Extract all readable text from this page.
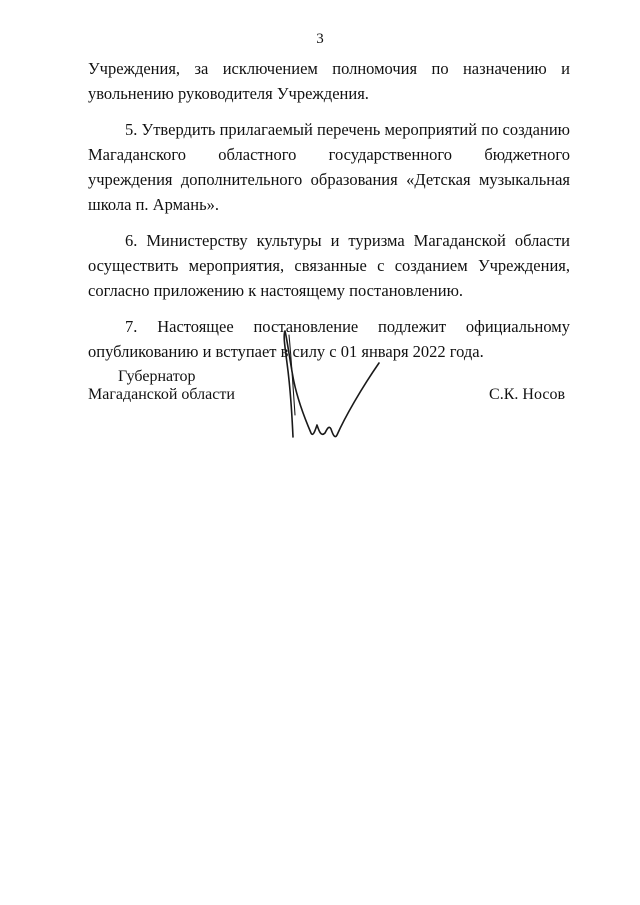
3

Учреждения, за исключением полномочия по назначению и увольнению руководителя Учреждения.

5. Утвердить прилагаемый перечень мероприятий по созданию Магаданского областного государственного бюджетного учреждения дополнительного образования «Детская музыкальная школа п. Армань».

6. Министерству культуры и туризма Магаданской области осуществить мероприятия, связанные с созданием Учреждения, согласно приложению к настоящему постановлению.

7. Настоящее постановление подлежит официальному опубликованию и вступает в силу с 01 января 2022 года.

Губернатор
Магаданской области	С.К. Носов
